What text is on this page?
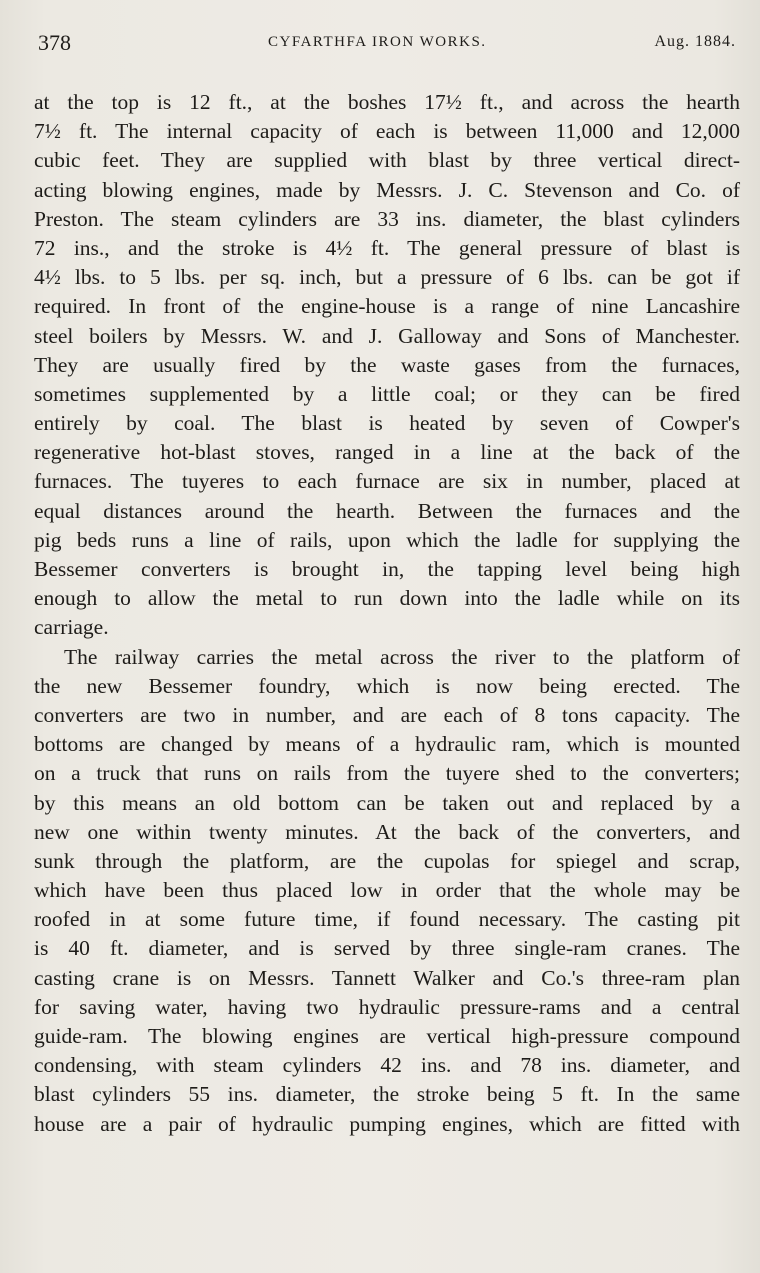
378	CYFARTHFA IRON WORKS.	Aug. 1884.
at the top is 12 ft., at the boshes 17½ ft., and across the hearth
7½ ft. The internal capacity of each is between 11,000 and 12,000
cubic feet. They are supplied with blast by three vertical direct-
acting blowing engines, made by Messrs. J. C. Stevenson and Co. of
Preston. The steam cylinders are 33 ins. diameter, the blast cylinders
72 ins., and the stroke is 4½ ft. The general pressure of blast is
4½ lbs. to 5 lbs. per sq. inch, but a pressure of 6 lbs. can be got if
required. In front of the engine-house is a range of nine Lancashire
steel boilers by Messrs. W. and J. Galloway and Sons of Manchester.
They are usually fired by the waste gases from the furnaces,
sometimes supplemented by a little coal; or they can be fired
entirely by coal. The blast is heated by seven of Cowper's
regenerative hot-blast stoves, ranged in a line at the back of the
furnaces. The tuyeres to each furnace are six in number, placed at
equal distances around the hearth. Between the furnaces and the
pig beds runs a line of rails, upon which the ladle for supplying the
Bessemer converters is brought in, the tapping level being high
enough to allow the metal to run down into the ladle while on its
carriage.
The railway carries the metal across the river to the platform of
the new Bessemer foundry, which is now being erected. The
converters are two in number, and are each of 8 tons capacity. The
bottoms are changed by means of a hydraulic ram, which is mounted
on a truck that runs on rails from the tuyere shed to the converters;
by this means an old bottom can be taken out and replaced by a
new one within twenty minutes. At the back of the converters, and
sunk through the platform, are the cupolas for spiegel and scrap,
which have been thus placed low in order that the whole may be
roofed in at some future time, if found necessary. The casting pit
is 40 ft. diameter, and is served by three single-ram cranes. The
casting crane is on Messrs. Tannett Walker and Co.'s three-ram plan
for saving water, having two hydraulic pressure-rams and a central
guide-ram. The blowing engines are vertical high-pressure compound
condensing, with steam cylinders 42 ins. and 78 ins. diameter, and
blast cylinders 55 ins. diameter, the stroke being 5 ft. In the same
house are a pair of hydraulic pumping engines, which are fitted with
